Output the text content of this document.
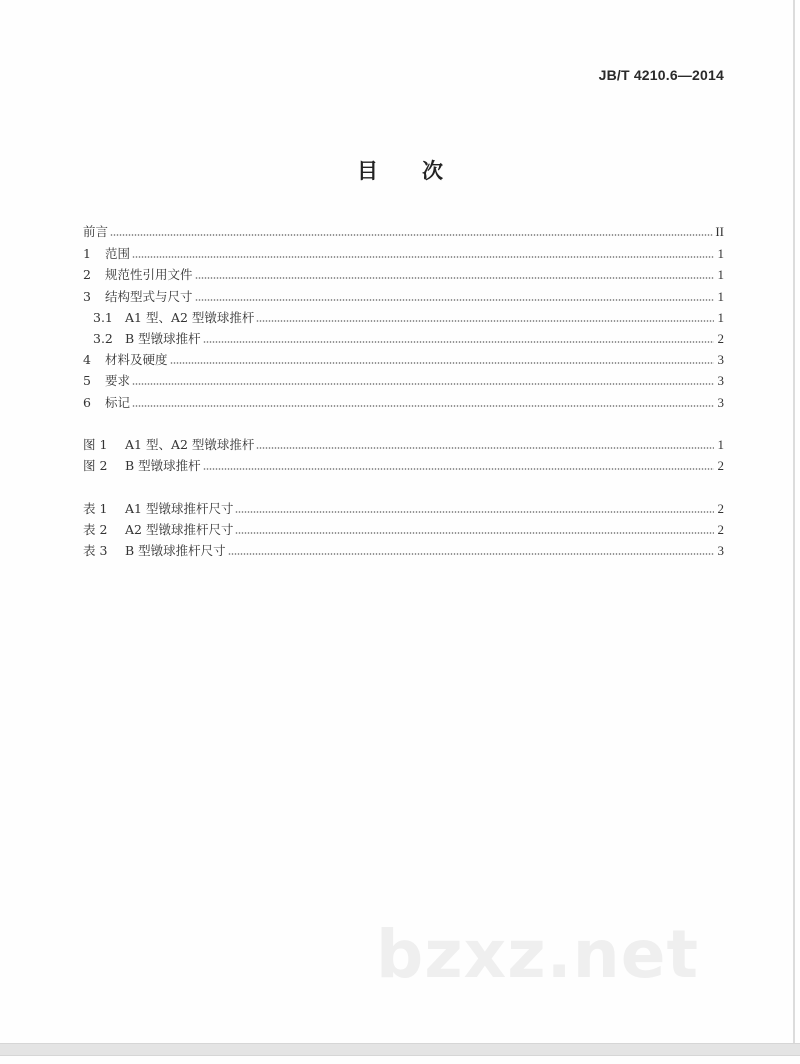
JB/T 4210.6—2014
目次
前言	II
1	范围	1
2	规范性引用文件	1
3	结构型式与尺寸	1
3.1 A1 型、A2 型镦球推杆	1
3.2 B 型镦球推杆	2
4	材料及硬度	3
5	要求	3
6	标记	3
图 1	A1 型、A2 型镦球推杆	1
图 2	B 型镦球推杆	2
表 1	A1 型镦球推杆尺寸	2
表 2	A2 型镦球推杆尺寸	2
表 3	B 型镦球推杆尺寸	3
bzxz.net
